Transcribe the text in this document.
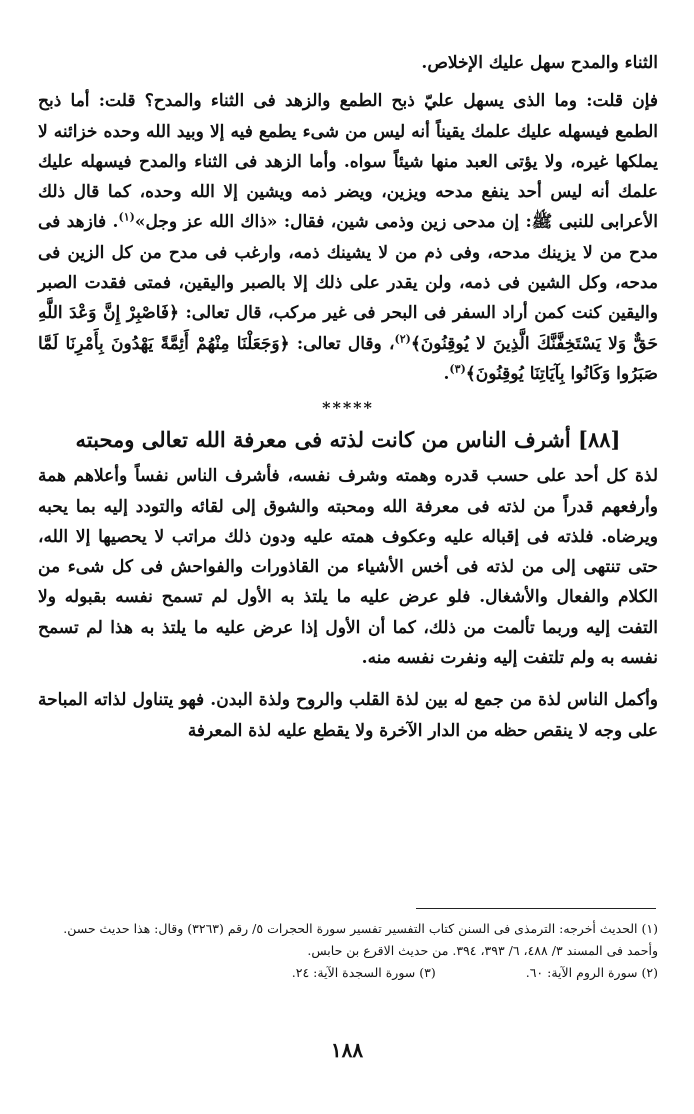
الثناء والمدح سهل عليك الإخلاص.

فإن قلت: وما الذى يسهل عليّ ذبح الطمع والزهد فى الثناء والمدح؟ قلت: أما ذبح الطمع فيسهله عليك علمك يقيناً أنه ليس من شىء يطمع فيه إلا وبيد الله وحده خزائنه لا يملكها غيره، ولا يؤتى العبد منها شيئاً سواه. وأما الزهد فى الثناء والمدح فيسهله عليك علمك أنه ليس أحد ينفع مدحه ويزين، ويضر ذمه ويشين إلا الله وحده، كما قال ذلك الأعرابى للنبى ﷺ: إن مدحى زين وذمى شين، فقال: «ذاك الله عز وجل»$^{(١)}$. فازهد فى مدح من لا يزينك مدحه، وفى ذم من لا يشينك ذمه، وارغب فى مدح من كل الزين فى مدحه، وكل الشين فى ذمه، ولن يقدر على ذلك إلا بالصبر واليقين، فمتى فقدت الصبر واليقين كنت كمن أراد السفر فى البحر فى غير مركب، قال تعالى: ﴿فَاصْبِرْ إِنَّ وَعْدَ اللَّهِ حَقٌّ وَلا يَسْتَخِفَّنَّكَ الَّذِينَ لا يُوقِنُونَ﴾$^{(٢)}$، وقال تعالى: ﴿وَجَعَلْنَا مِنْهُمْ أَئِمَّةً يَهْدُونَ بِأَمْرِنَا لَمَّا صَبَرُوا وَكَانُوا بِآيَاتِنَا يُوقِنُونَ﴾$^{(٣)}$.

*****
[٨٨] أشرف الناس من كانت لذته فى معرفة الله تعالى ومحبته

لذة كل أحد على حسب قدره وهمته وشرف نفسه، فأشرف الناس نفساً وأعلاهم همة وأرفعهم قدراً من لذته فى معرفة الله ومحبته والشوق إلى لقائه والتودد إليه بما يحبه ويرضاه. فلذته فى إقباله عليه وعكوف همته عليه ودون ذلك مراتب لا يحصيها إلا الله، حتى تنتهى إلى من لذته فى أخس الأشياء من القاذورات والفواحش فى كل شىء من الكلام والفعال والأشغال. فلو عرض عليه ما يلتذ به الأول لم تسمح نفسه بقبوله ولا التفت إليه وربما تألمت من ذلك، كما أن الأول إذا عرض عليه ما يلتذ به هذا لم تسمح نفسه به ولم تلتفت إليه ونفرت نفسه منه.

وأكمل الناس لذة من جمع له بين لذة القلب والروح ولذة البدن. فهو يتناول لذاته المباحة على وجه لا ينقص حظه من الدار الآخرة ولا يقطع عليه لذة المعرفة

(١) الحديث أخرجه: الترمذى فى السنن كتاب التفسير تفسير سورة الحجرات ٥/ رقم (٣٢٦٣) وقال: هذا حديث حسن. وأحمد فى المسند ٣/ ٤٨٨، ٦/ ٣٩٣، ٣٩٤. من حديث الاقرع بن حابس.

(٢) سورة الروم الآية: ٦٠.
(٣) سورة السجدة الآية: ٢٤.
١٨٨
